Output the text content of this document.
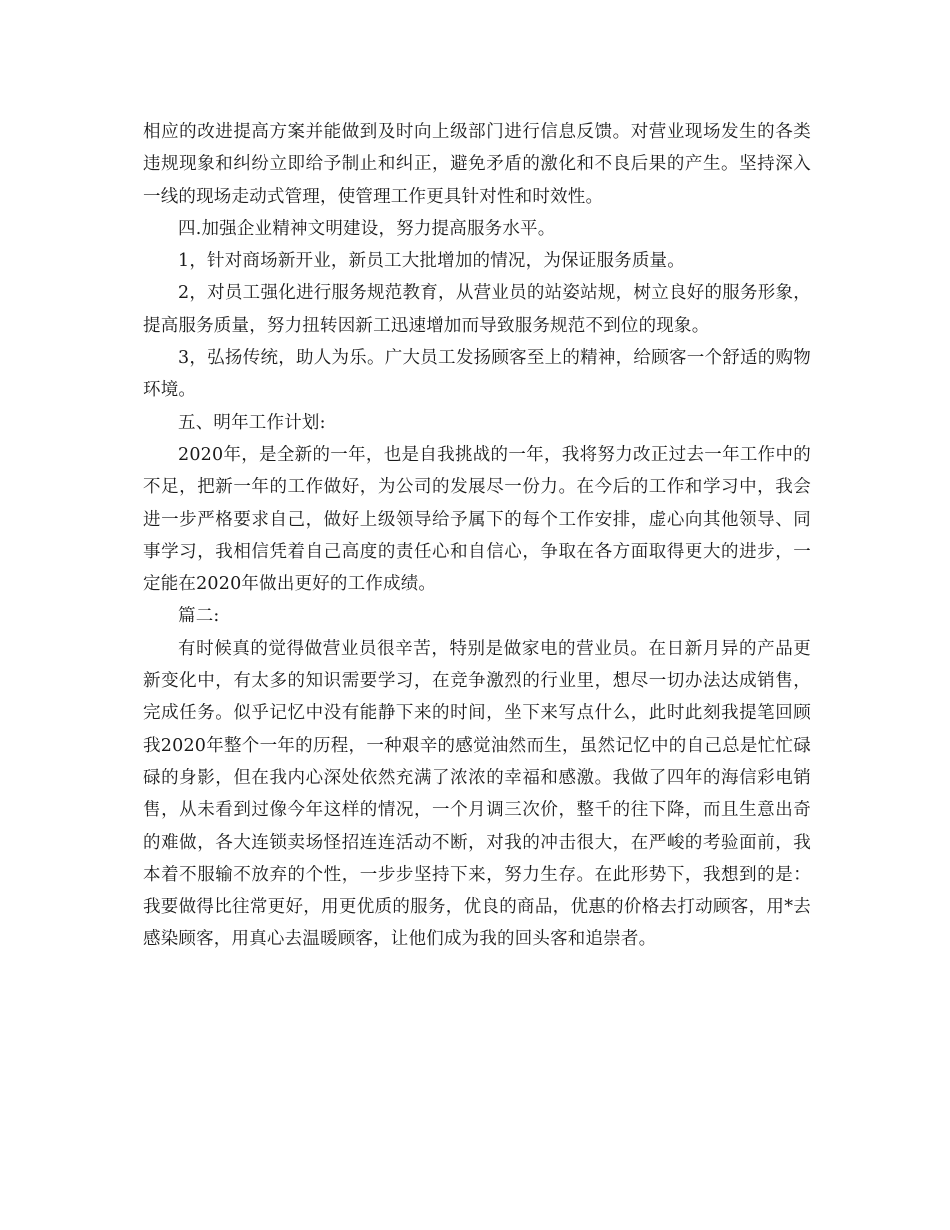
相应的改进提高方案并能做到及时向上级部门进行信息反馈。对营业现场发生的各类违规现象和纠纷立即给予制止和纠正，避免矛盾的激化和不良后果的产生。坚持深入一线的现场走动式管理，使管理工作更具针对性和时效性。

四.加强企业精神文明建设，努力提高服务水平。

1，针对商场新开业，新员工大批增加的情况，为保证服务质量。

2，对员工强化进行服务规范教育，从营业员的站姿站规，树立良好的服务形象，提高服务质量，努力扭转因新工迅速增加而导致服务规范不到位的现象。

3，弘扬传统，助人为乐。广大员工发扬顾客至上的精神，给顾客一个舒适的购物环境。

五、明年工作计划:

2020年，是全新的一年，也是自我挑战的一年，我将努力改正过去一年工作中的不足，把新一年的工作做好，为公司的发展尽一份力。在今后的工作和学习中，我会进一步严格要求自己，做好上级领导给予属下的每个工作安排，虚心向其他领导、同事学习，我相信凭着自己高度的责任心和自信心，争取在各方面取得更大的进步，一定能在2020年做出更好的工作成绩。

篇二:

有时候真的觉得做营业员很辛苦，特别是做家电的营业员。在日新月异的产品更新变化中，有太多的知识需要学习，在竞争激烈的行业里，想尽一切办法达成销售，完成任务。似乎记忆中没有能静下来的时间，坐下来写点什么，此时此刻我提笔回顾我2020年整个一年的历程，一种艰辛的感觉油然而生，虽然记忆中的自己总是忙忙碌碌的身影，但在我内心深处依然充满了浓浓的幸福和感激。我做了四年的海信彩电销售，从未看到过像今年这样的情况，一个月调三次价，整千的往下降，而且生意出奇的难做，各大连锁卖场怪招连连活动不断，对我的冲击很大，在严峻的考验面前，我本着不服输不放弃的个性，一步步坚持下来，努力生存。在此形势下，我想到的是：我要做得比往常更好，用更优质的服务，优良的商品，优惠的价格去打动顾客，用*去感染顾客，用真心去温暖顾客，让他们成为我的回头客和追崇者。
